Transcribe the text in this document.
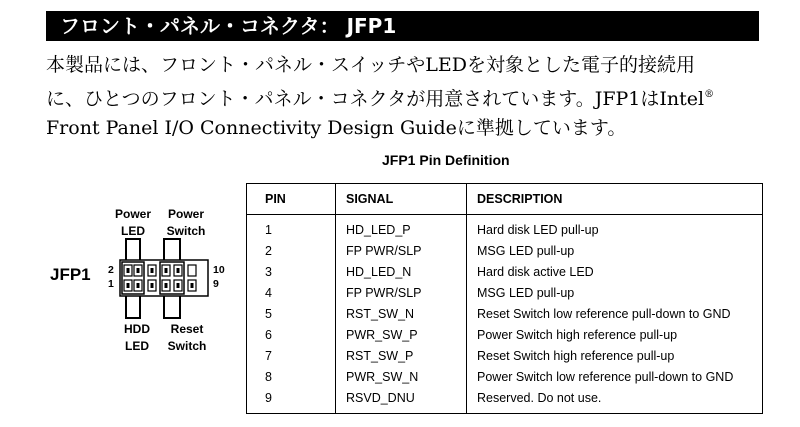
フロント・パネル・コネクタ： JFP1
本製品には、フロント・パネル・スイッチやLEDを対象とした電子的接続用
に、ひとつのフロント・パネル・コネクタが用意されています。JFP1はIntel®
Front Panel I/O Connectivity Design Guideに準拠しています。
Power
LED
Power
Switch
HDD
LED
Reset
Switch
JFP1 2
1
10
9
JFP1 Pin Definition
PIN	SIGNAL	DESCRIPTION
1	HD_LED_P	Hard disk LED pull-up
2	FP PWR/SLP	MSG LED pull-up
3	HD_LED_N	Hard disk active LED
4	FP PWR/SLP	MSG LED pull-up
5	RST_SW_N	Reset Switch low reference pull-down to GND
6	PWR_SW_P	Power Switch high reference pull-up
7	RST_SW_P	Reset Switch high reference pull-up
8	PWR_SW_N	Power Switch low reference pull-down to GND
9	RSVD_DNU	Reserved. Do not use.
